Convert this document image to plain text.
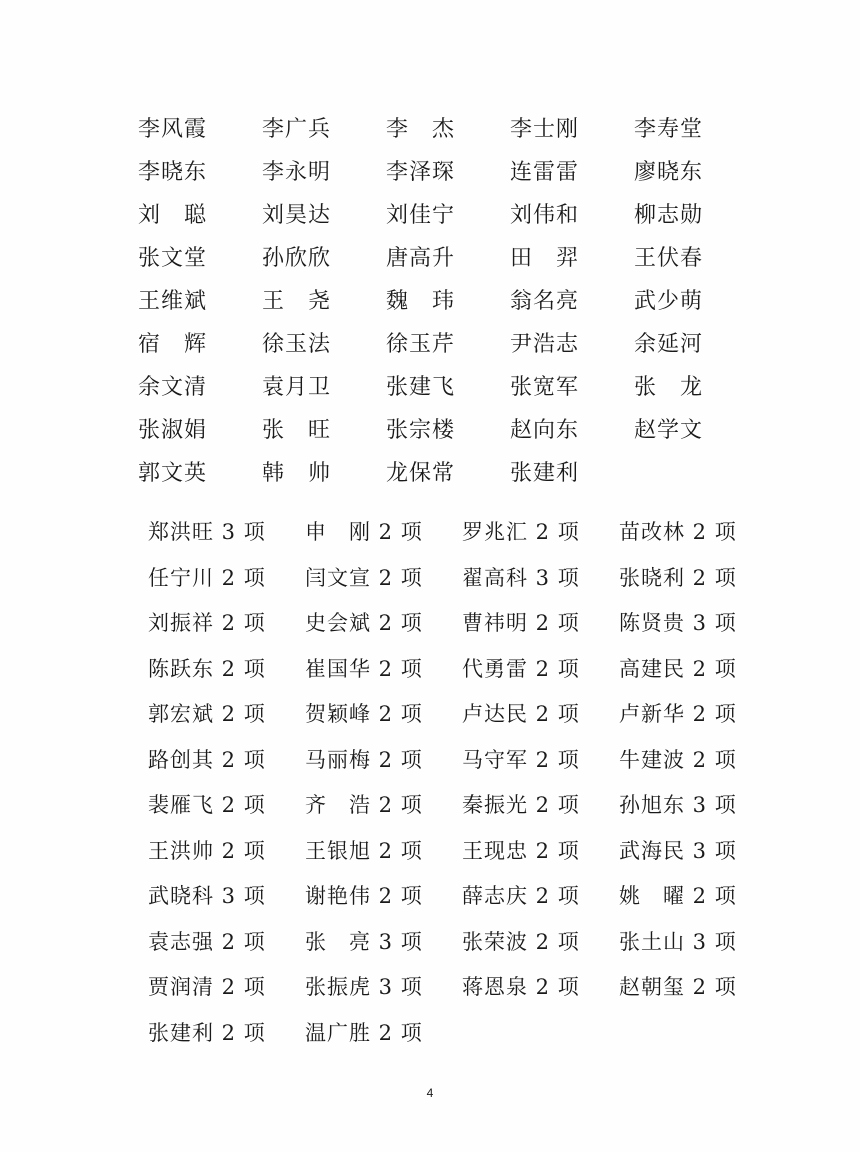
李风霞	李广兵	李　杰	李士刚	李寿堂
李晓东	李永明	李泽琛	连雷雷	廖晓东
刘　聪	刘昊达	刘佳宁	刘伟和	柳志勋
张文堂	孙欣欣	唐高升	田　羿	王伏春
王维斌	王　尧	魏　玮	翁名亮	武少萌
宿　辉	徐玉法	徐玉芹	尹浩志	余延河
余文清	袁月卫	张建飞	张宽军	张　龙
张淑娟	张　旺	张宗楼	赵向东	赵学文
郭文英	韩　帅	龙保常	张建利
郑洪旺 3 项	申　刚 2 项	罗兆汇 2 项	苗改林 2 项
任宁川 2 项	闫文宣 2 项	翟高科 3 项	张晓利 2 项
刘振祥 2 项	史会斌 2 项	曹祎明 2 项	陈贤贵 3 项
陈跃东 2 项	崔国华 2 项	代勇雷 2 项	高建民 2 项
郭宏斌 2 项	贺颖峰 2 项	卢达民 2 项	卢新华 2 项
路创其 2 项	马丽梅 2 项	马守军 2 项	牛建波 2 项
裴雁飞 2 项	齐　浩 2 项	秦振光 2 项	孙旭东 3 项
王洪帅 2 项	王银旭 2 项	王现忠 2 项	武海民 3 项
武晓科 3 项	谢艳伟 2 项	薛志庆 2 项	姚　曜 2 项
袁志强 2 项	张　亮 3 项	张荣波 2 项	张土山 3 项
贾润清 2 项	张振虎 3 项	蒋恩泉 2 项	赵朝玺 2 项
张建利 2 项	温广胜 2 项
4
